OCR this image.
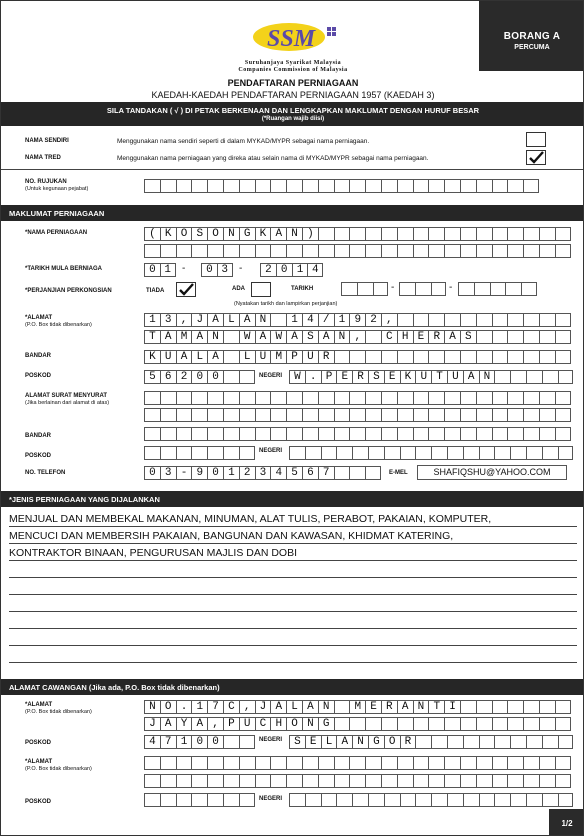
SSM
Suruhanjaya Syarikat Malaysia
Companies Commission of Malaysia
BORANG A
PERCUMA
PENDAFTARAN PERNIAGAAN
KAEDAH-KAEDAH PENDAFTARAN PERNIAGAAN 1957 (KAEDAH 3)
SILA TANDAKAN ( √ ) DI PETAK BERKENAAN DAN LENGKAPKAN MAKLUMAT DENGAN HURUF BESAR
(*Ruangan wajib diisi)
NAMA SENDIRI	Menggunakan nama sendiri seperti di dalam MYKAD/MYPR sebagai nama perniagaan.
NAMA TRED	Menggunakan nama perniagaan yang direka atau selain nama di MYKAD/MYPR sebagai nama perniagaan.
NO. RUJUKAN
(Untuk kegunaan pejabat)
MAKLUMAT PERNIAGAAN
*NAMA PERNIAGAAN	( K O S O N G K A N )
*TARIKH MULA BERNIAGA	0 1	-	0 3	-	2 0 1 4
*PERJANJIAN PERKONGSIAN	TIADA	ADA	TARIKH	-	-
(Nyatakan tarikh dan lampirkan perjanjian)
*ALAMAT
(P.O. Box tidak dibenarkan)	1 3 , J A L A N	1 4 / 1 9 2 ,
T A M A N	W A W A S A N ,	C H E R A S
BANDAR	K U A L A	L U M P U R
POSKOD	5 6 2 0 0	NEGERI	W . P E R S E K U T U A N
ALAMAT SURAT MENYURAT
(Jika berlainan dari alamat di atas)
BANDAR
POSKOD
NEGERI
NO. TELEFON	0 3 - 9 0 1 2 3 4 5 6 7	E-MEL	SHAFIQSHU@YAHOO.COM
*JENIS PERNIAGAAN YANG DIJALANKAN
MENJUAL DAN MEMBEKAL MAKANAN, MINUMAN, ALAT TULIS, PERABOT, PAKAIAN, KOMPUTER,
MENCUCI DAN MEMBERSIH PAKAIAN, BANGUNAN DAN KAWASAN, KHIDMAT KATERING,
KONTRAKTOR BINAAN, PENGURUSAN MAJLIS DAN DOBI
ALAMAT CAWANGAN (Jika ada, P.O. Box tidak dibenarkan)
*ALAMAT
(P.O. Box tidak dibenarkan)	N O . 1 7 C , J A L A N	M E R A N T I
J A Y A , P U C H O N G
POSKOD	4 7 1 0 0	NEGERI	S E L A N G O R
*ALAMAT
(P.O. Box tidak dibenarkan)
POSKOD	NEGERI
1/2
